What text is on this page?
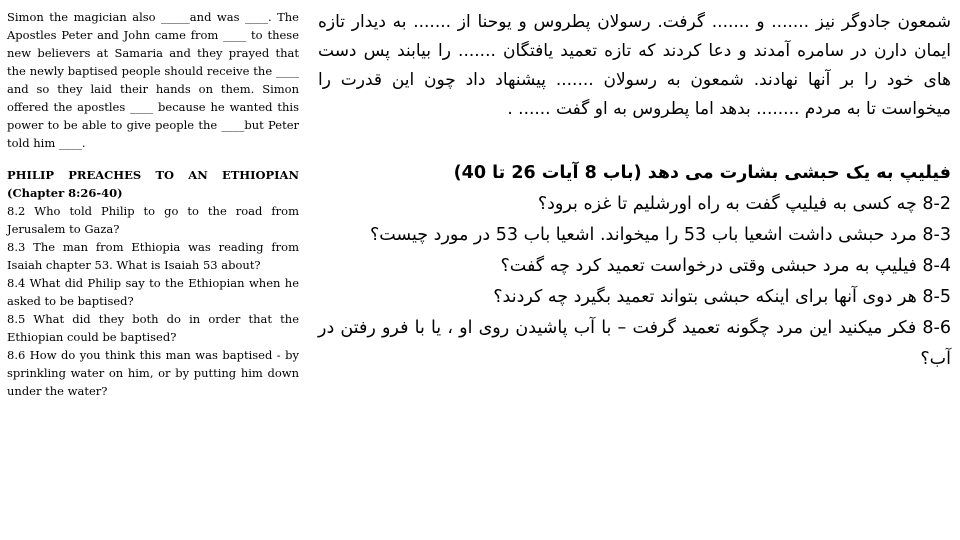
Simon the magician also _____and was ____. The Apostles Peter and John came from ____ to these new believers at Samaria and they prayed that the newly baptised people should receive the ____ and so they laid their hands on them. Simon offered the apostles ____ because he wanted this power to be able to give people the ____but Peter told him ____.

PHILIP PREACHES TO AN ETHIOPIAN (Chapter 8:26-40)

8.2 Who told Philip to go to the road from Jerusalem to Gaza?

8.3 The man from Ethiopia was reading from Isaiah chapter 53. What is Isaiah 53 about?

8.4 What did Philip say to the Ethiopian when he asked to be baptised?

8.5 What did they both do in order that the Ethiopian could be baptised?

8.6 How do you think this man was baptised - by sprinkling water on him, or by putting him down under the water?

شمعون جادوگر نیز ....... و ....... گرفت. رسولان پطروس و یوحنا از ....... به دیدار تازه ایمان دارن در سامره آمدند و دعا کردند که تازه تعمید یافتگان ....... را بیابند پس دست های خود را بر آنها نهادند. شمعون به رسولان ....... پیشنهاد داد چون این قدرت را میخواست تا به مردم ........ بدهد اما پطروس به او گفت ...... .

فیلیپ به یک حبشی بشارت می دهد (باب 8 آیات 26 تا 40)

8-2 چه کسی به فیلیپ گفت به راه اورشلیم تا غزه برود؟

8-3 مرد حبشی داشت اشعیا باب 53 را میخواند. اشعیا باب 53 در مورد چیست؟

8-4 فیلیپ به مرد حبشی وقتی درخواست تعمید کرد چه گفت؟

8-5 هر دوی آنها برای اینکه حبشی بتواند تعمید بگیرد چه کردند؟

8-6 فکر میکنید این مرد چگونه تعمید گرفت – با آب پاشیدن روی او ، یا با فرو رفتن در آب؟
